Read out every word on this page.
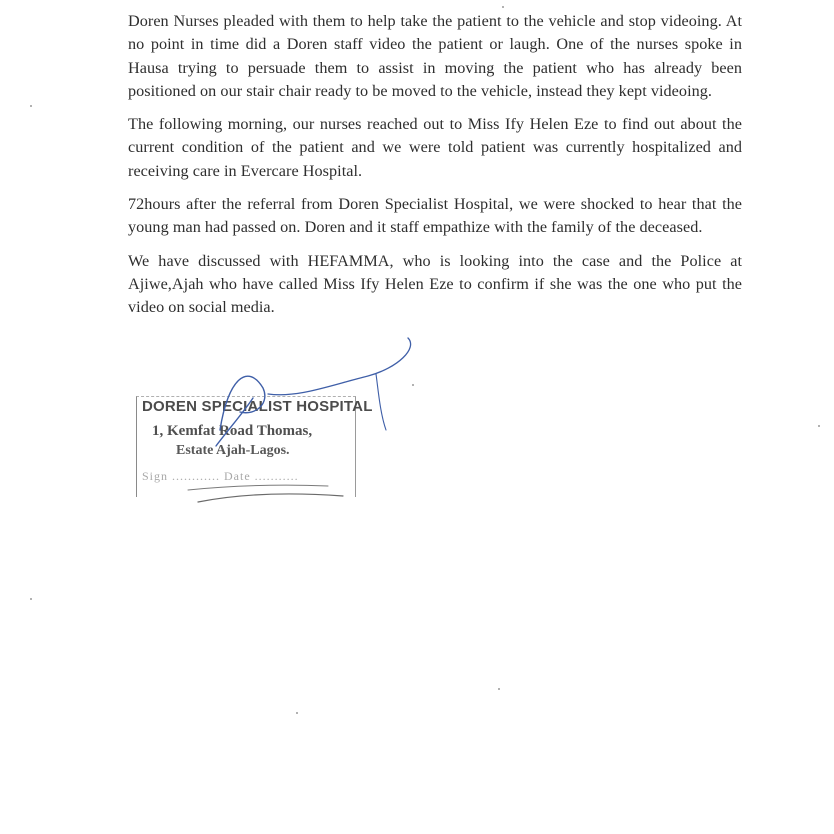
Doren Nurses pleaded with them to help take the patient to the vehicle and stop videoing. At no point in time did a Doren staff video the patient or laugh. One of the nurses spoke in Hausa trying to persuade them to assist in moving the patient who has already been positioned on our stair chair ready to be moved to the vehicle, instead they kept videoing.

The following morning, our nurses reached out to Miss Ify Helen Eze to find out about the current condition of the patient and we were told patient was currently hospitalized and receiving care in Evercare Hospital.

72hours after the referral from Doren Specialist Hospital, we were shocked to hear that the young man had passed on. Doren and it staff empathize with the family of the deceased.

We have discussed with HEFAMMA, who is looking into the case and the Police at Ajiwe,Ajah who have called Miss Ify Helen Eze to confirm if she was the one who put the video on social media.

DOREN SPECIALIST HOSPITAL
1, Kemfat Road Thomas,
Estate Ajah-Lagos.
Sign ............ Date ...........
